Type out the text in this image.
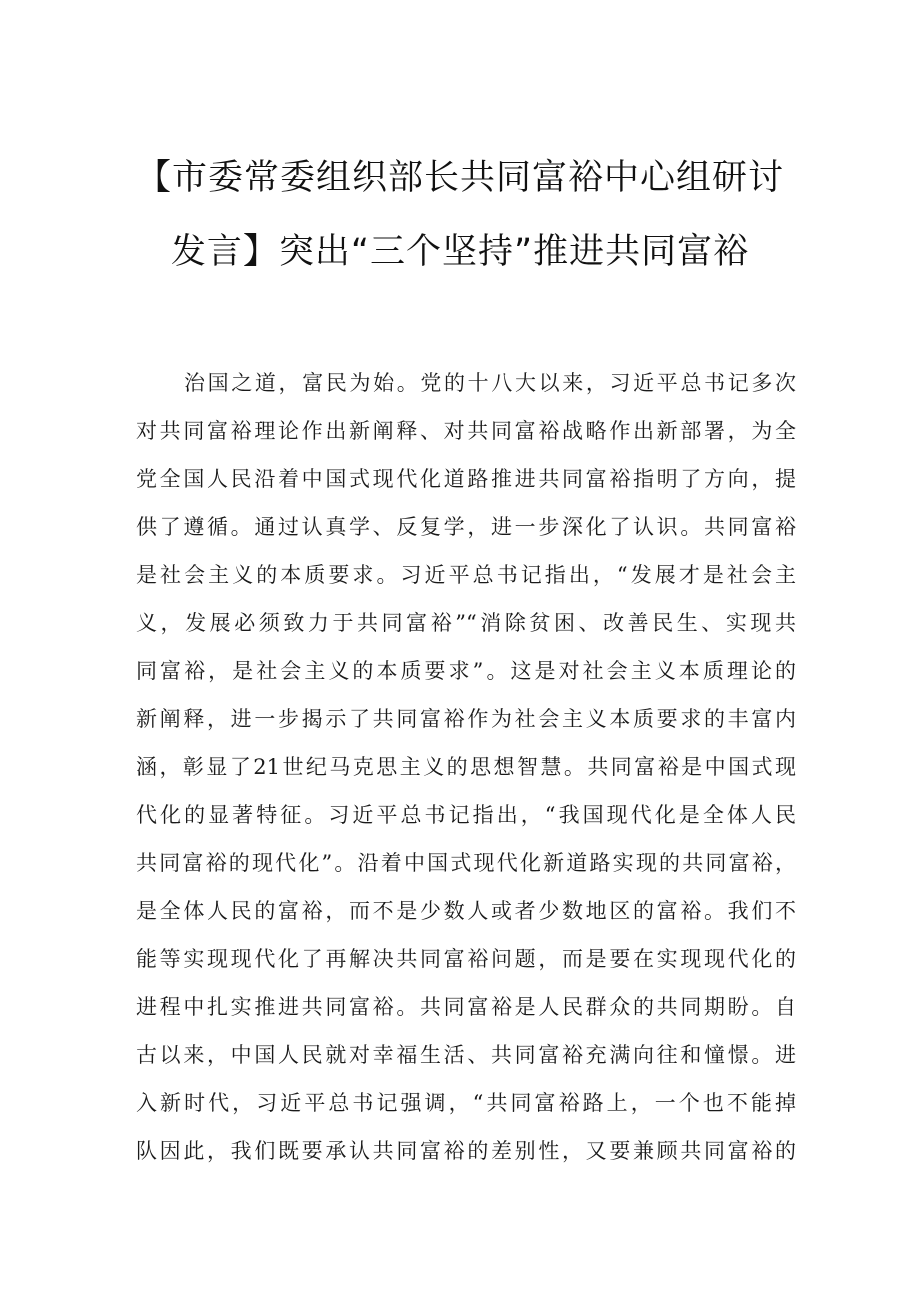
【市委常委组织部长共同富裕中心组研讨
发言】突出“三个坚持”推进共同富裕
治国之道，富民为始。党的十八大以来，习近平总书记多次
对共同富裕理论作出新阐释、对共同富裕战略作出新部署，为全
党全国人民沿着中国式现代化道路推进共同富裕指明了方向，提
供了遵循。通过认真学、反复学，进一步深化了认识。共同富裕
是社会主义的本质要求。习近平总书记指出，“发展才是社会主
义，发展必须致力于共同富裕”“消除贫困、改善民生、实现共
同富裕，是社会主义的本质要求”。这是对社会主义本质理论的
新阐释，进一步揭示了共同富裕作为社会主义本质要求的丰富内
涵，彰显了21世纪马克思主义的思想智慧。共同富裕是中国式现
代化的显著特征。习近平总书记指出，“我国现代化是全体人民
共同富裕的现代化”。沿着中国式现代化新道路实现的共同富裕，
是全体人民的富裕，而不是少数人或者少数地区的富裕。我们不
能等实现现代化了再解决共同富裕问题，而是要在实现现代化的
进程中扎实推进共同富裕。共同富裕是人民群众的共同期盼。自
古以来，中国人民就对幸福生活、共同富裕充满向往和憧憬。进
入新时代，习近平总书记强调，“共同富裕路上，一个也不能掉
队因此，我们既要承认共同富裕的差别性，又要兼顾共同富裕的
